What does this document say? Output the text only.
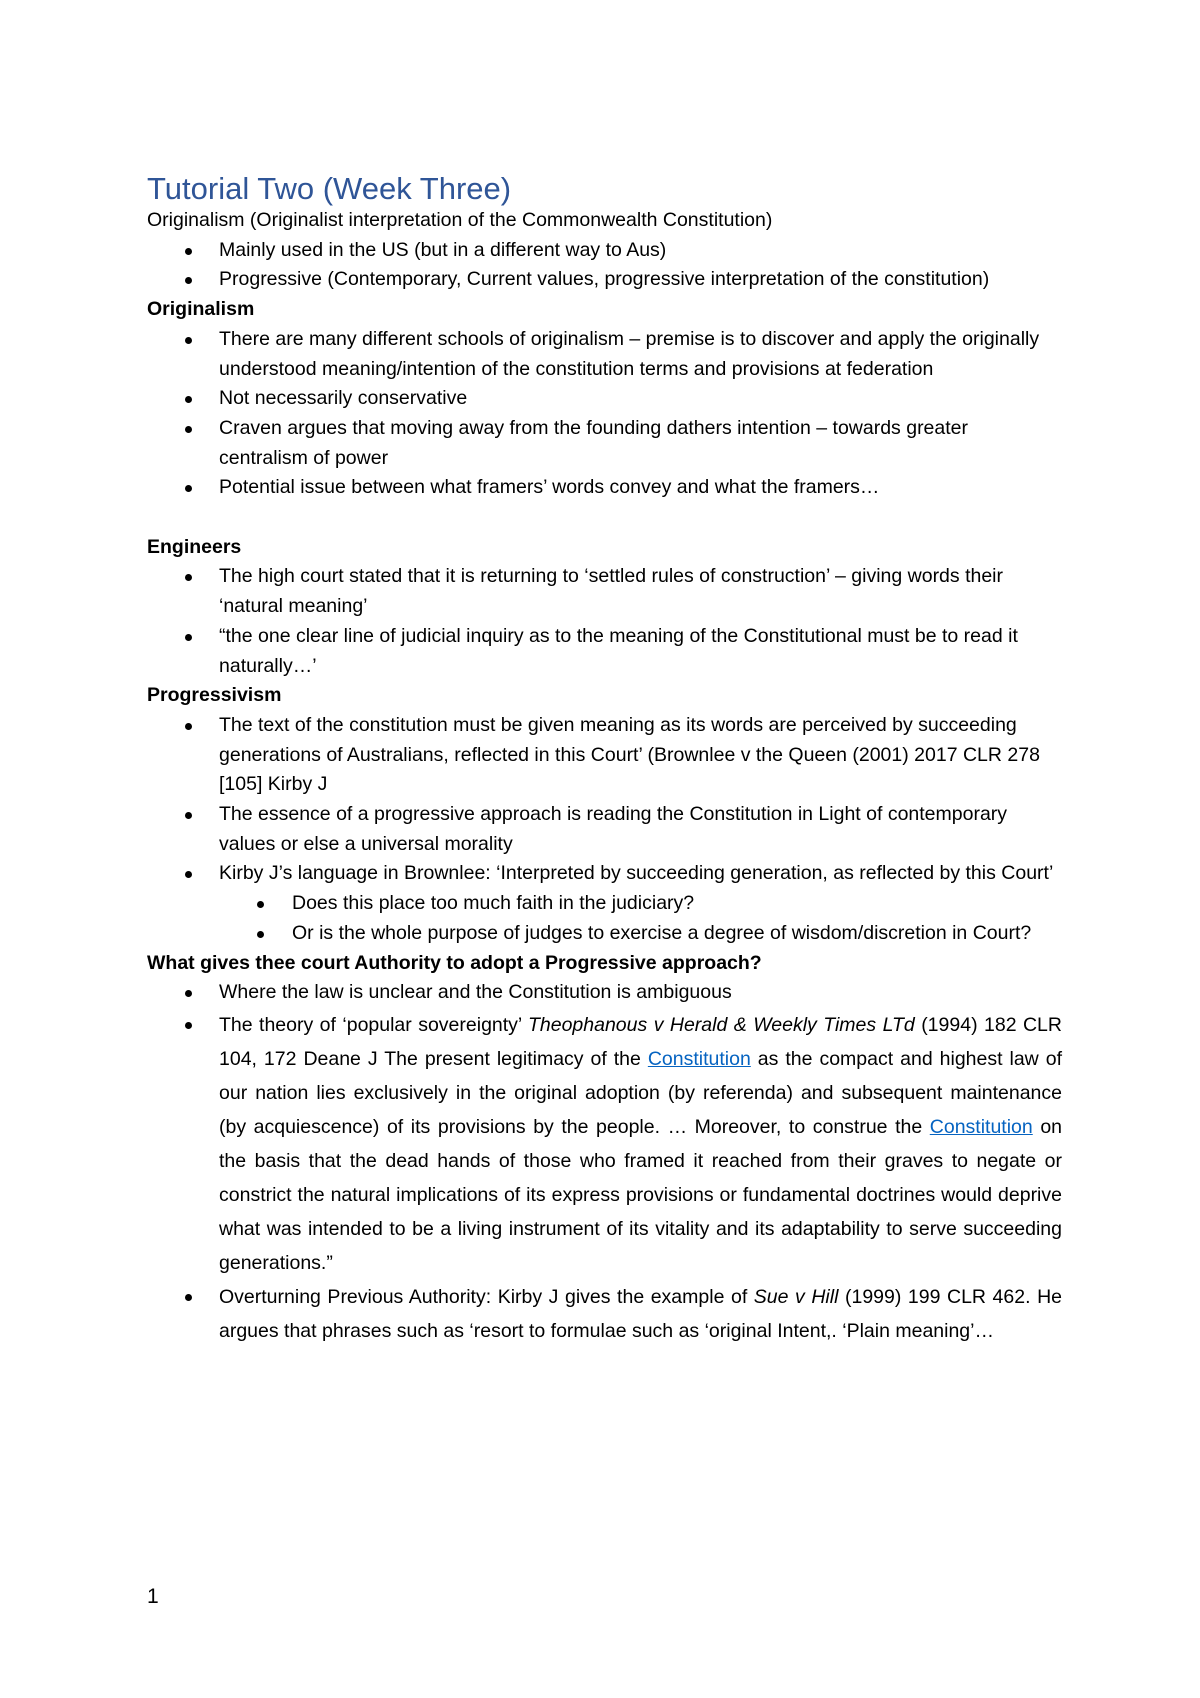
Tutorial Two (Week Three)
Originalism (Originalist interpretation of the Commonwealth Constitution)
Mainly used in the US (but in a different way to Aus)
Progressive (Contemporary, Current values, progressive interpretation of the constitution)
Originalism
There are many different schools of originalism – premise is to discover and apply the originally understood meaning/intention of the constitution terms and provisions at federation
Not necessarily conservative
Craven argues that moving away from the founding dathers intention – towards greater centralism of power
Potential issue between what framers’ words convey and what the framers…
Engineers
The high court stated that it is returning to ‘settled rules of construction’ – giving words their ‘natural meaning’
“the one clear line of judicial inquiry as to the meaning of the Constitutional must be to read it naturally…’
Progressivism
The text of the constitution must be given meaning as its words are perceived by succeeding generations of Australians, reflected in this Court’ (Brownlee v the Queen (2001) 2017 CLR 278 [105] Kirby J
The essence of a progressive approach is reading the Constitution in Light of contemporary values or else a universal morality
Kirby J’s language in Brownlee: ‘Interpreted by succeeding generation, as reflected by this Court’
Does this place too much faith in the judiciary?
Or is the whole purpose of judges to exercise a degree of wisdom/discretion in Court?
What gives thee court Authority to adopt a Progressive approach?
Where the law is unclear and the Constitution is ambiguous
The theory of ‘popular sovereignty’ Theophanous v Herald & Weekly Times LTd (1994) 182 CLR 104, 172 Deane J The present legitimacy of the Constitution as the compact and highest law of our nation lies exclusively in the original adoption (by referenda) and subsequent maintenance (by acquiescence) of its provisions by the people. … Moreover, to construe the Constitution on the basis that the dead hands of those who framed it reached from their graves to negate or constrict the natural implications of its express provisions or fundamental doctrines would deprive what was intended to be a living instrument of its vitality and its adaptability to serve succeeding generations.”
Overturning Previous Authority: Kirby J gives the example of Sue v Hill (1999) 199 CLR 462. He argues that phrases such as ‘resort to formulae such as ‘original Intent,. ‘Plain meaning’…
1
